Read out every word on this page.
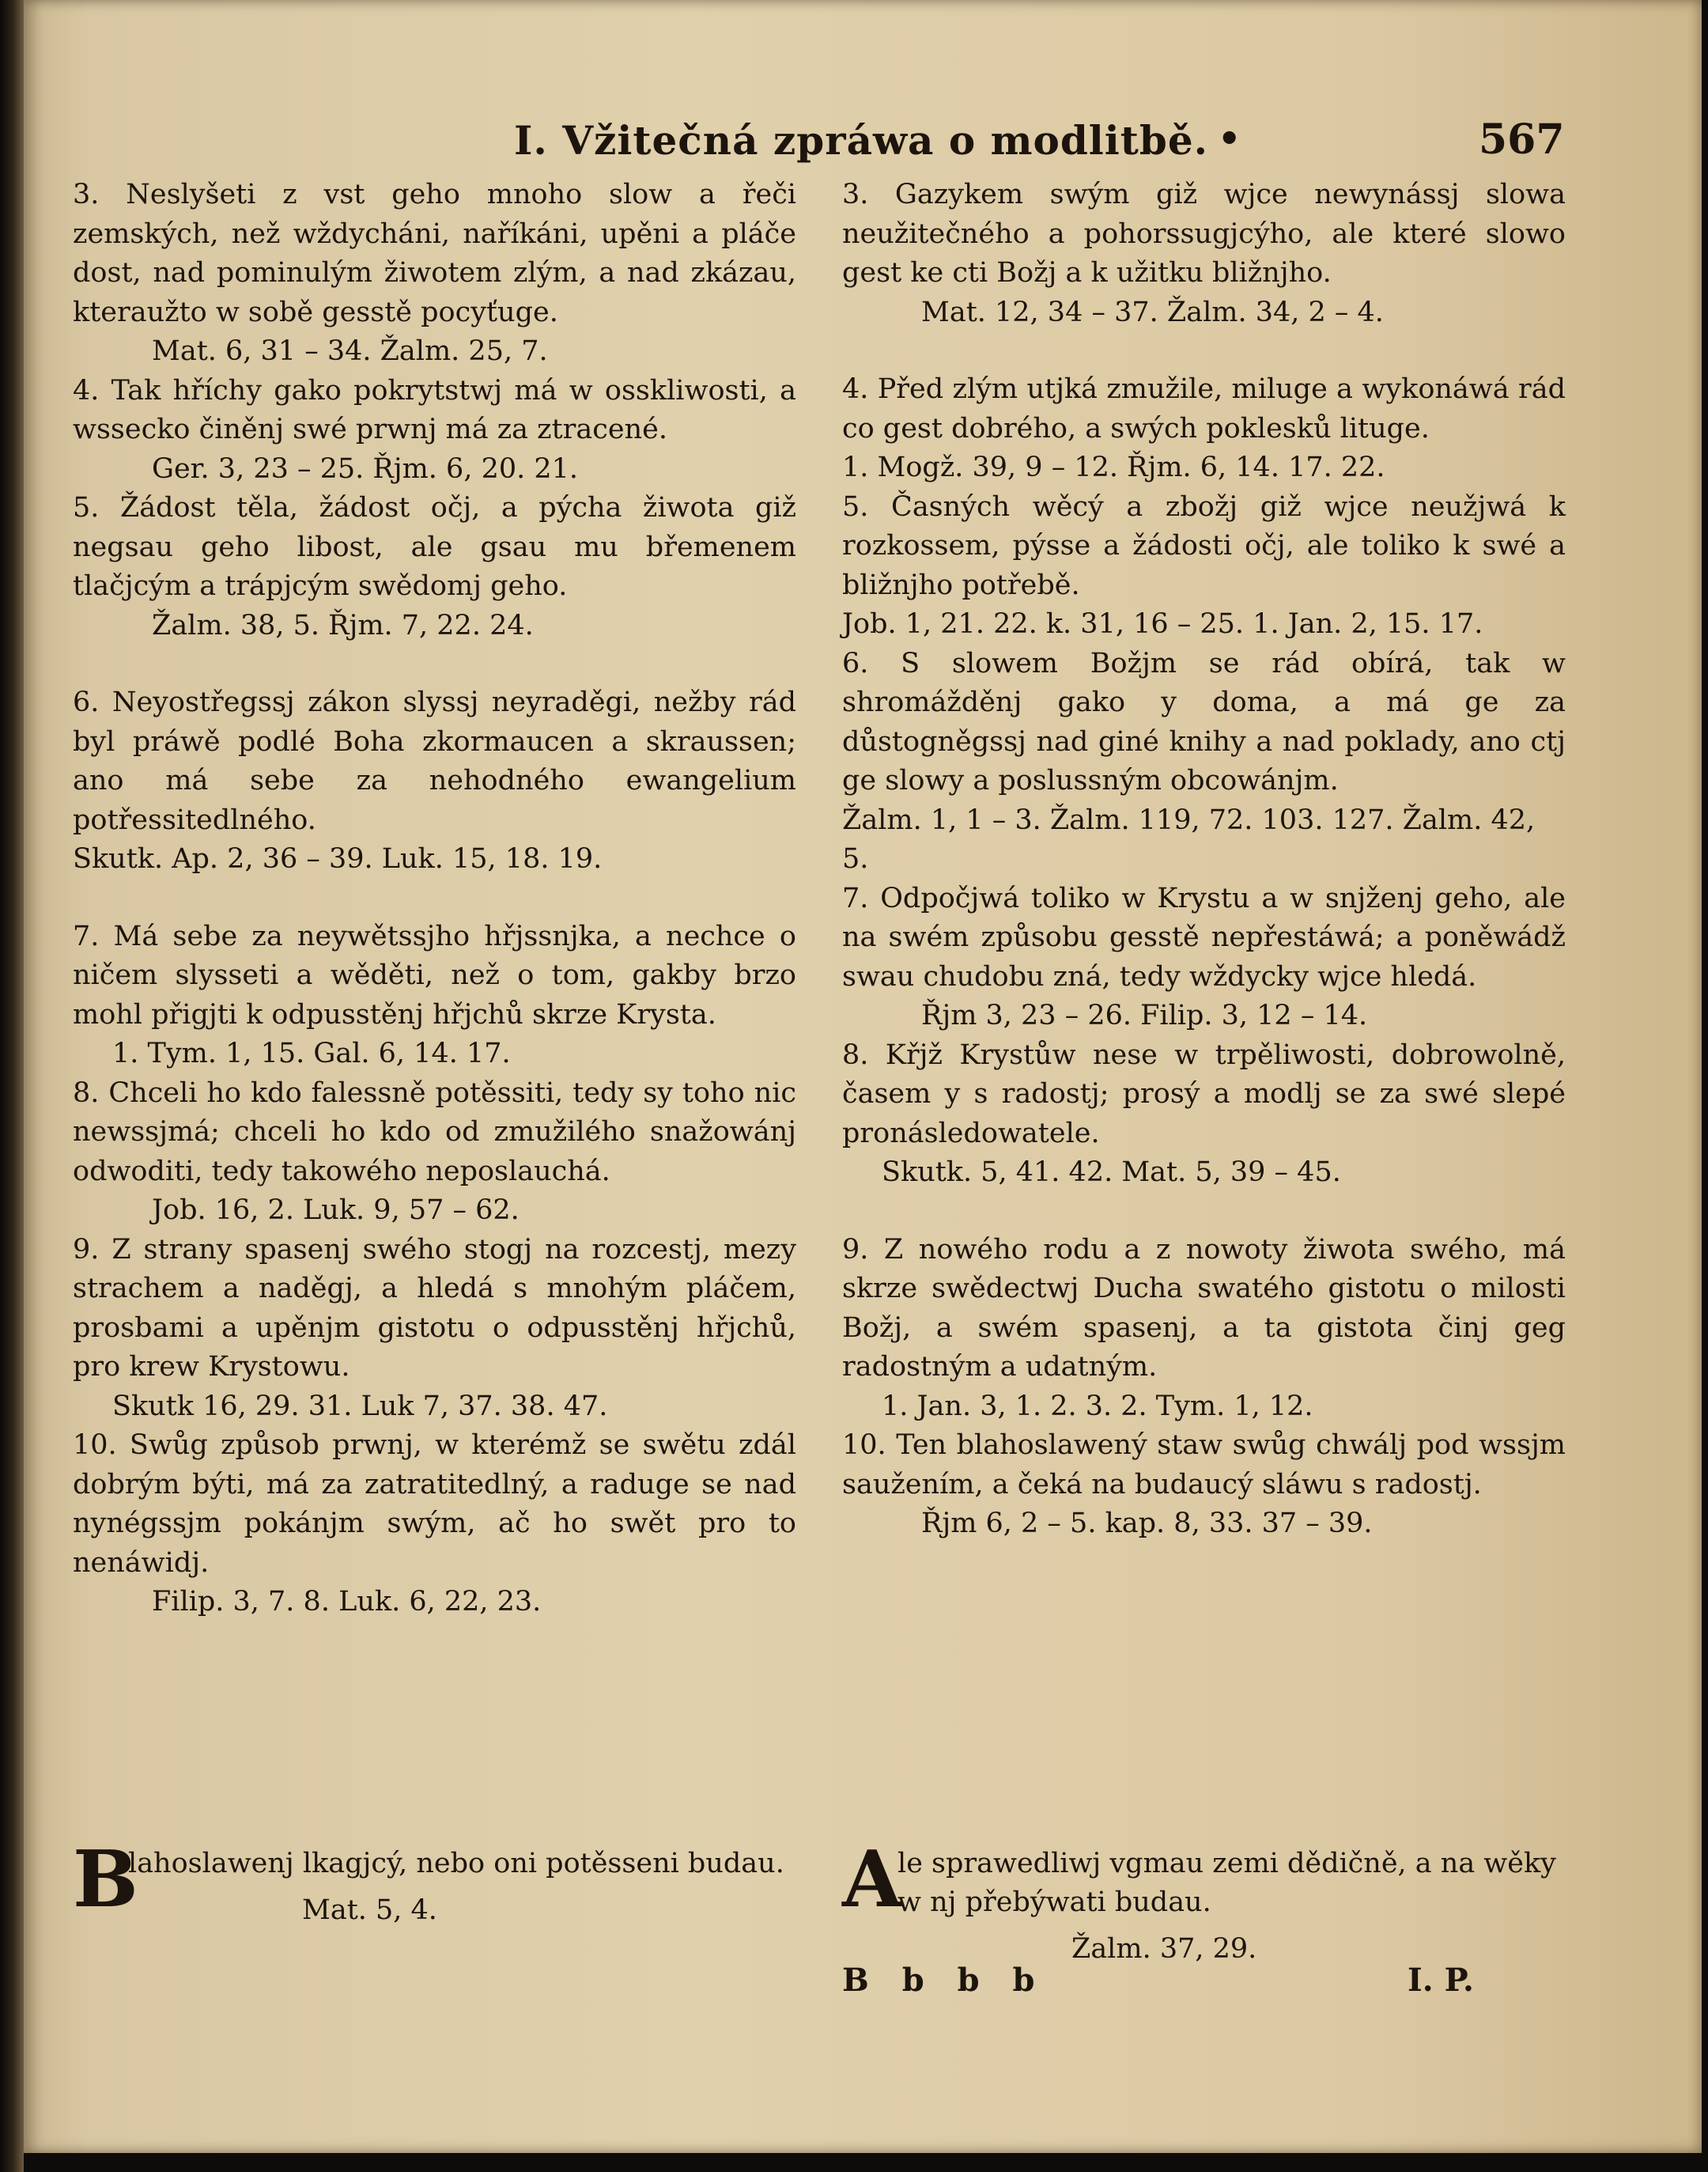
I. Vžitečná zpráwa o modlitbě. •	567
3. Neslyšeti z vst geho mnoho slow a řeči zemských, než wždycháni, naříkáni, upěni a pláče dost, nad pominulým žiwotem zlým, a nad zkázau, kteraužto w sobě gesstě pocyťuge.
Mat. 6, 31 – 34. Žalm. 25, 7.
4. Tak hříchy gako pokrytstwj má w osskliwosti, a wssecko činěnj swé prwnj má za ztracené.
Ger. 3, 23 – 25. Řjm. 6, 20. 21.
5. Žádost těla, žádost očj, a pýcha žiwota giž negsau geho libost, ale gsau mu břemenem tlačjcým a trápjcým swědomj geho.
Žalm. 38, 5. Řjm. 7, 22. 24.
6. Neyostřegssj zákon slyssj neyraděgi, nežby rád byl práwě podlé Boha zkormaucen a skraussen; ano má sebe za nehodného ewangelium potřessitedlného.
Skutk. Ap. 2, 36 – 39. Luk. 15, 18. 19.
7. Má sebe za neywětssjho hřjssnjka, a nechce o ničem slysseti a wěděti, než o tom, gakby brzo mohl přigjti k odpusstěnj hřjchů skrze Krysta.
1. Tym. 1, 15. Gal. 6, 14. 17.
8. Chceli ho kdo falessně potěssiti, tedy sy toho nic newssjmá; chceli ho kdo od zmužilého snažowánj odwoditi, tedy takowého neposlauchá.
Job. 16, 2. Luk. 9, 57 – 62.
9. Z strany spasenj swého stogj na rozcestj, mezy strachem a naděgj, a hledá s mnohým pláčem, prosbami a upěnjm gistotu o odpusstěnj hřjchů, pro krew Krystowu.
Skutk 16, 29. 31. Luk 7, 37. 38. 47.
10. Swůg způsob prwnj, w kterémž se swětu zdál dobrým býti, má za zatratitedlný, a raduge se nad nynégssjm pokánjm swým, ač ho swět pro to nenáwidj.
Filip. 3, 7. 8. Luk. 6, 22, 23.
3. Gazykem swým giž wjce newynássj slowa neužitečného a pohorssugjcýho, ale které slowo gest ke cti Božj a k užitku bližnjho.
Mat. 12, 34 – 37. Žalm. 34, 2 – 4.
4. Před zlým utjká zmužile, miluge a wykonáwá rád co gest dobrého, a swých poklesků lituge.
1. Mogž. 39, 9 – 12. Řjm. 6, 14. 17. 22.
5. Časných wěcý a zbožj giž wjce neužjwá k rozkossem, pýsse a žádosti očj, ale toliko k swé a bližnjho potřebě.
Job. 1, 21. 22. k. 31, 16 – 25. 1. Jan. 2, 15. 17.
6. S slowem Božjm se rád obírá, tak w shromážděnj gako y doma, a má ge za důstogněgssj nad giné knihy a nad poklady, ano ctj ge slowy a poslussným obcowánjm.
Žalm. 1, 1 – 3. Žalm. 119, 72. 103. 127. Žalm. 42, 5.
7. Odpočjwá toliko w Krystu a w snjženj geho, ale na swém způsobu gesstě nepřestáwá; a poněwádž swau chudobu zná, tedy wždycky wjce hledá.
Řjm 3, 23 – 26. Filip. 3, 12 – 14.
8. Křjž Krystůw nese w trpěliwosti, dobrowolně, časem y s radostj; prosý a modlj se za swé slepé pronásledowatele.
Skutk. 5, 41. 42. Mat. 5, 39 – 45.
9. Z nowého rodu a z nowoty žiwota swého, má skrze swědectwj Ducha swatého gistotu o milosti Božj, a swém spasenj, a ta gistota činj geg radostným a udatným.
1. Jan. 3, 1. 2. 3. 2. Tym. 1, 12.
10. Ten blahoslawený staw swůg chwálj pod wssjm saužením, a čeká na budaucý sláwu s radostj.
Řjm 6, 2 – 5. kap. 8, 33. 37 – 39.
B
lahoslawenj lkagjcý, nebo oni potěsseni budau.
Mat. 5, 4.	A
le sprawedliwj vgmau zemi dědičně, a na wěky w nj přebýwati budau.
Žalm. 37, 29.
B b b b	I. P.
